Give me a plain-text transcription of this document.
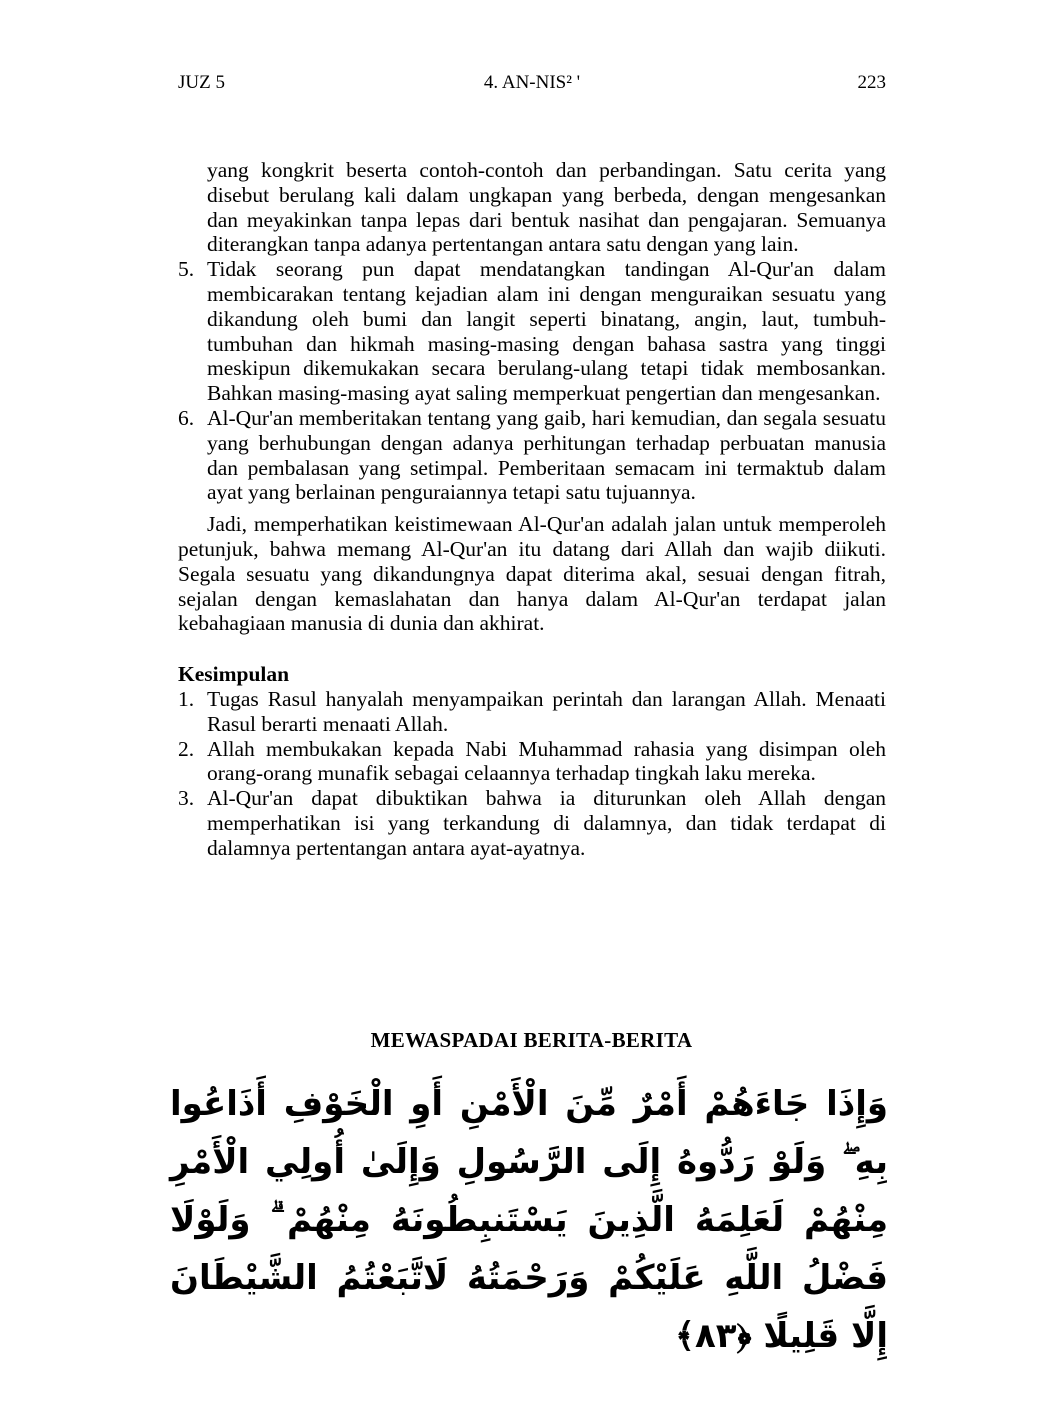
JUZ 5	4. AN-NIS² '	223

yang kongkrit beserta contoh-contoh dan perbandingan. Satu cerita yang disebut berulang kali dalam ungkapan yang berbeda, dengan mengesankan dan meyakinkan tanpa lepas dari bentuk nasihat dan pengajaran. Semuanya diterangkan tanpa adanya pertentangan antara satu dengan yang lain.

5. Tidak seorang pun dapat mendatangkan tandingan Al-Qur'an dalam membicarakan tentang kejadian alam ini dengan menguraikan sesuatu yang dikandung oleh bumi dan langit seperti binatang, angin, laut, tumbuh-tumbuhan dan hikmah masing-masing dengan bahasa sastra yang tinggi meskipun dikemukakan secara berulang-ulang tetapi tidak membosankan. Bahkan masing-masing ayat saling memperkuat pengertian dan mengesankan.

6. Al-Qur'an memberitakan tentang yang gaib, hari kemudian, dan segala sesuatu yang berhubungan dengan adanya perhitungan terhadap perbuatan manusia dan pembalasan yang setimpal. Pemberitaan semacam ini termaktub dalam ayat yang berlainan penguraiannya tetapi satu tujuannya.

Jadi, memperhatikan keistimewaan Al-Qur'an adalah jalan untuk memperoleh petunjuk, bahwa memang Al-Qur'an itu datang dari Allah dan wajib diikuti. Segala sesuatu yang dikandungnya dapat diterima akal, sesuai dengan fitrah, sejalan dengan kemaslahatan dan hanya dalam Al-Qur'an terdapat jalan kebahagiaan manusia di dunia dan akhirat.

Kesimpulan
1. Tugas Rasul hanyalah menyampaikan perintah dan larangan Allah. Menaati Rasul berarti menaati Allah.

2. Allah membukakan kepada Nabi Muhammad rahasia yang disimpan oleh orang-orang munafik sebagai celaannya terhadap tingkah laku mereka.

3. Al-Qur'an dapat dibuktikan bahwa ia diturunkan oleh Allah dengan memperhatikan isi yang terkandung di dalamnya, dan tidak terdapat di dalamnya pertentangan antara ayat-ayatnya.

MEWASPADAI BERITA-BERITA
وَإِذَا جَاءَهُمْ أَمْرٌ مِّنَ الْأَمْنِ أَوِ الْخَوْفِ أَذَاعُوا بِهِ ۖ وَلَوْ رَدُّوهُ إِلَى الرَّسُولِ وَإِلَىٰ أُولِي الْأَمْرِ مِنْهُمْ لَعَلِمَهُ الَّذِينَ يَسْتَنبِطُونَهُ مِنْهُمْ ۗ وَلَوْلَا فَضْلُ اللَّهِ عَلَيْكُمْ وَرَحْمَتُهُ لَاتَّبَعْتُمُ الشَّيْطَانَ إِلَّا قَلِيلًا ﴿٨٣﴾
